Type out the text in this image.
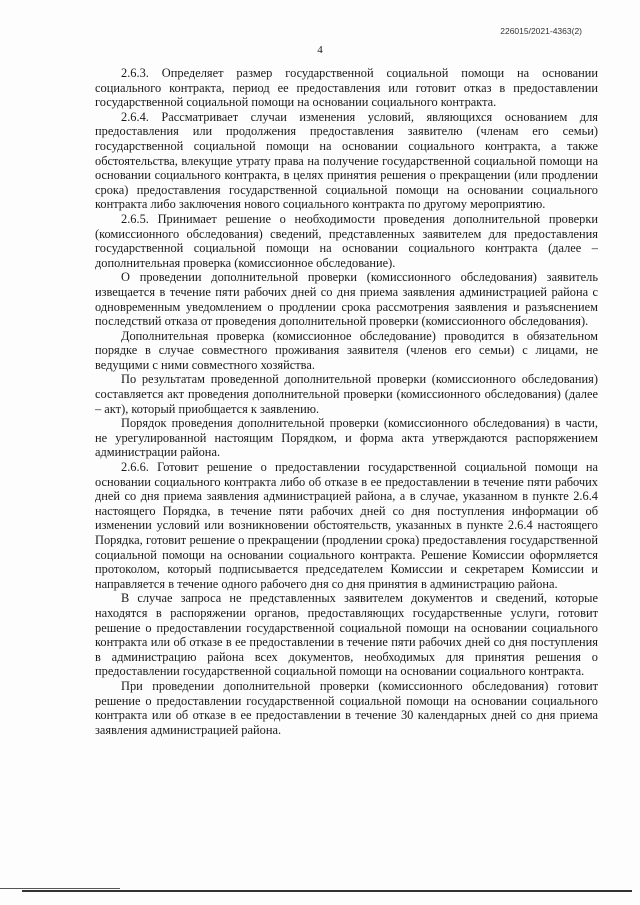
226015/2021-4363(2)
4

2.6.3. Определяет размер государственной социальной помощи на основании социального контракта, период ее предоставления или готовит отказ в предоставлении государственной социальной помощи на основании социального контракта.

2.6.4. Рассматривает случаи изменения условий, являющихся основанием для предоставления или продолжения предоставления заявителю (членам его семьи) государственной социальной помощи на основании социального контракта, а также обстоятельства, влекущие утрату права на получение государственной социальной помощи на основании социального контракта, в целях принятия решения о прекращении (или продлении срока) предоставления государственной социальной помощи на основании социального контракта либо заключения нового социального контракта по другому мероприятию.

2.6.5. Принимает решение о необходимости проведения дополнительной проверки (комиссионного обследования) сведений, представленных заявителем для предоставления государственной социальной помощи на основании социального контракта (далее – дополнительная проверка (комиссионное обследование).

О проведении дополнительной проверки (комиссионного обследования) заявитель извещается в течение пяти рабочих дней со дня приема заявления администрацией района с одновременным уведомлением о продлении срока рассмотрения заявления и разъяснением последствий отказа от проведения дополнительной проверки (комиссионного обследования).

Дополнительная проверка (комиссионное обследование) проводится в обязательном порядке в случае совместного проживания заявителя (членов его семьи) с лицами, не ведущими с ними совместного хозяйства.

По результатам проведенной дополнительной проверки (комиссионного обследования) составляется акт проведения дополнительной проверки (комиссионного обследования) (далее – акт), который приобщается к заявлению.

Порядок проведения дополнительной проверки (комиссионного обследования) в части, не урегулированной настоящим Порядком, и форма акта утверждаются распоряжением администрации района.

2.6.6. Готовит решение о предоставлении государственной социальной помощи на основании социального контракта либо об отказе в ее предоставлении в течение пяти рабочих дней со дня приема заявления администрацией района, а в случае, указанном в пункте 2.6.4 настоящего Порядка, в течение пяти рабочих дней со дня поступления информации об изменении условий или возникновении обстоятельств, указанных в пункте 2.6.4 настоящего Порядка, готовит решение о прекращении (продлении срока) предоставления государственной социальной помощи на основании социального контракта. Решение Комиссии оформляется протоколом, который подписывается председателем Комиссии и секретарем Комиссии и направляется в течение одного рабочего дня со дня принятия в администрацию района.

В случае запроса не представленных заявителем документов и сведений, которые находятся в распоряжении органов, предоставляющих государственные услуги, готовит решение о предоставлении государственной социальной помощи на основании социального контракта или об отказе в ее предоставлении в течение пяти рабочих дней со дня поступления в администрацию района всех документов, необходимых для принятия решения о предоставлении государственной социальной помощи на основании социального контракта.

При проведении дополнительной проверки (комиссионного обследования) готовит решение о предоставлении государственной социальной помощи на основании социального контракта или об отказе в ее предоставлении в течение 30 календарных дней со дня приема заявления администрацией района.
